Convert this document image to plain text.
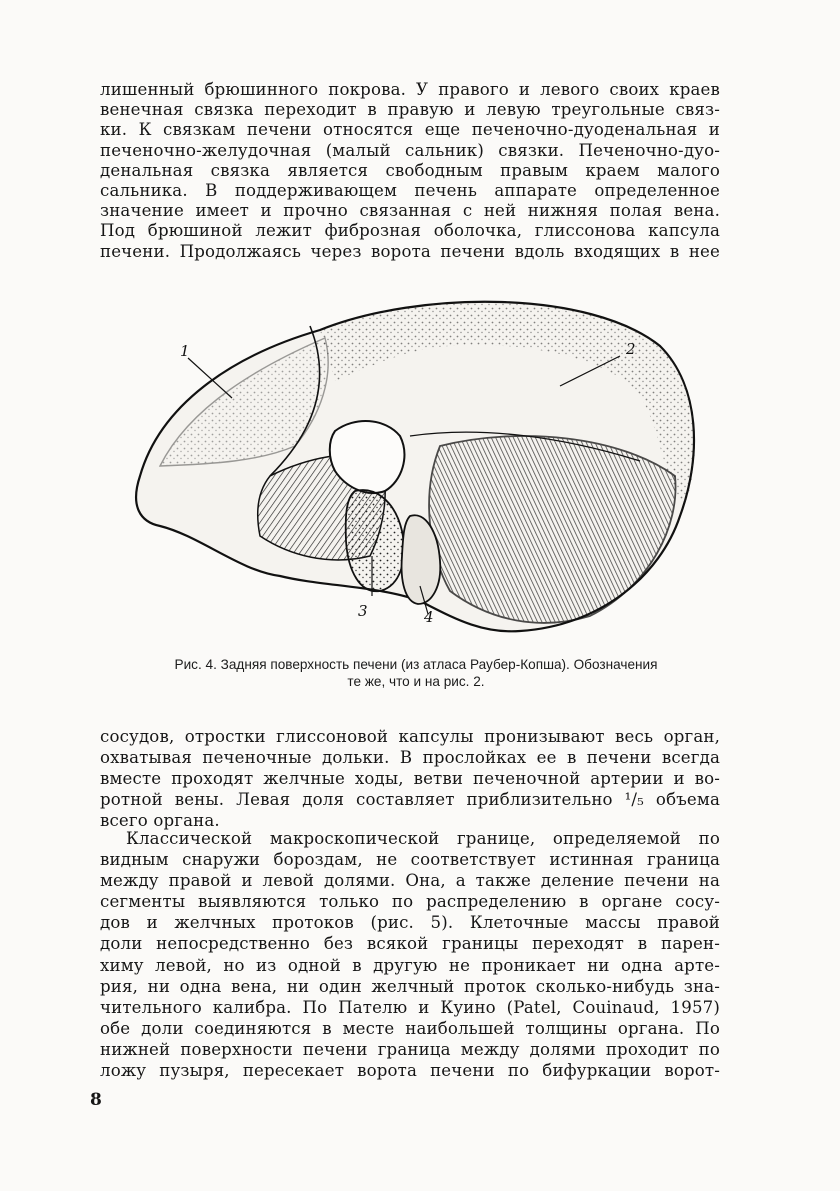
лишенный брюшинного покрова. У правого и левого своих краев
венечная связка переходит в правую и левую треугольные связ-
ки. К связкам печени относятся еще печеночно-дуоденальная и
печеночно-желудочная (малый сальник) связки. Печеночно-дуо-
денальная связка является свободным правым краем малого
сальника. В поддерживающем печень аппарате определенное
значение имеет и прочно связанная с ней нижняя полая вена.
Под брюшиной лежит фиброзная оболочка, глиссонова капсула
печени. Продолжаясь через ворота печени вдоль входящих в нее
1	2
3	4
Рис. 4. Задняя поверхность печени (из атласа Раубер-Копша). Обозначения
те же, что и на рис. 2.
сосудов, отростки глиссоновой капсулы пронизывают весь орган,
охватывая печеночные дольки. В прослойках ее в печени всегда
вместе проходят желчные ходы, ветви печеночной артерии и во-
ротной вены. Левая доля составляет приблизительно ¹/₅ объема
всего органа.
Классической макроскопической границе, определяемой по
видным снаружи бороздам, не соответствует истинная граница
между правой и левой долями. Она, а также деление печени на
сегменты выявляются только по распределению в органе сосу-
дов и желчных протоков (рис. 5). Клеточные массы правой
доли непосредственно без всякой границы переходят в парен-
химу левой, но из одной в другую не проникает ни одна арте-
рия, ни одна вена, ни один желчный проток сколько-нибудь зна-
чительного калибра. По Пателю и Куино (Patel, Couinaud, 1957)
обе доли соединяются в месте наибольшей толщины органа. По
нижней поверхности печени граница между долями проходит по
ложу пузыря, пересекает ворота печени по бифуркации ворот-
8
